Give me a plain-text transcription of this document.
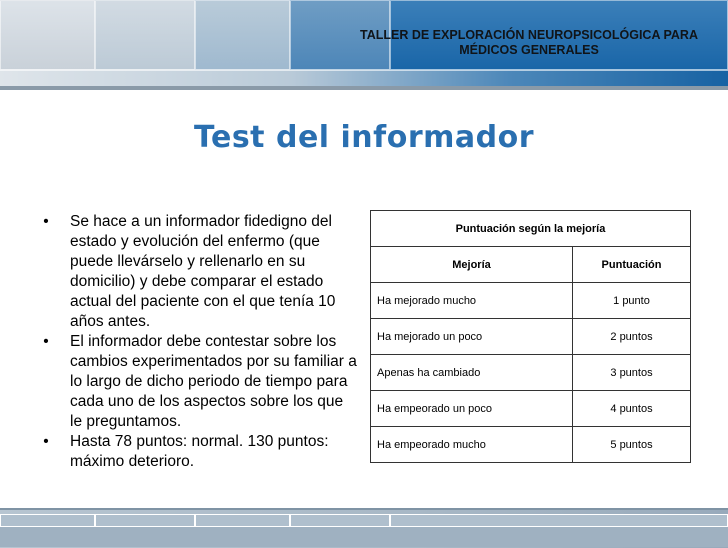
TALLER DE EXPLORACIÓN NEUROPSICOLÓGICA PARA
MÉDICOS GENERALES
Test del informador
• Se hace a un informador fidedigno del estado y evolución del enfermo (que puede llevárselo y rellenarlo en su domicilio) y debe comparar el estado actual del paciente con el que tenía 10 años antes.
• El informador debe contestar sobre los cambios experimentados por su familiar a lo largo de dicho periodo de tiempo para cada uno de los aspectos sobre los que le preguntamos.
• Hasta 78 puntos: normal. 130 puntos: máximo deterioro.
Puntuación según la mejoría	
Mejoría	Puntuación
Ha mejorado mucho	1 punto
Ha mejorado un poco	2 puntos
Apenas ha cambiado	3 puntos
Ha empeorado un poco	4 puntos
Ha empeorado mucho	5 puntos
